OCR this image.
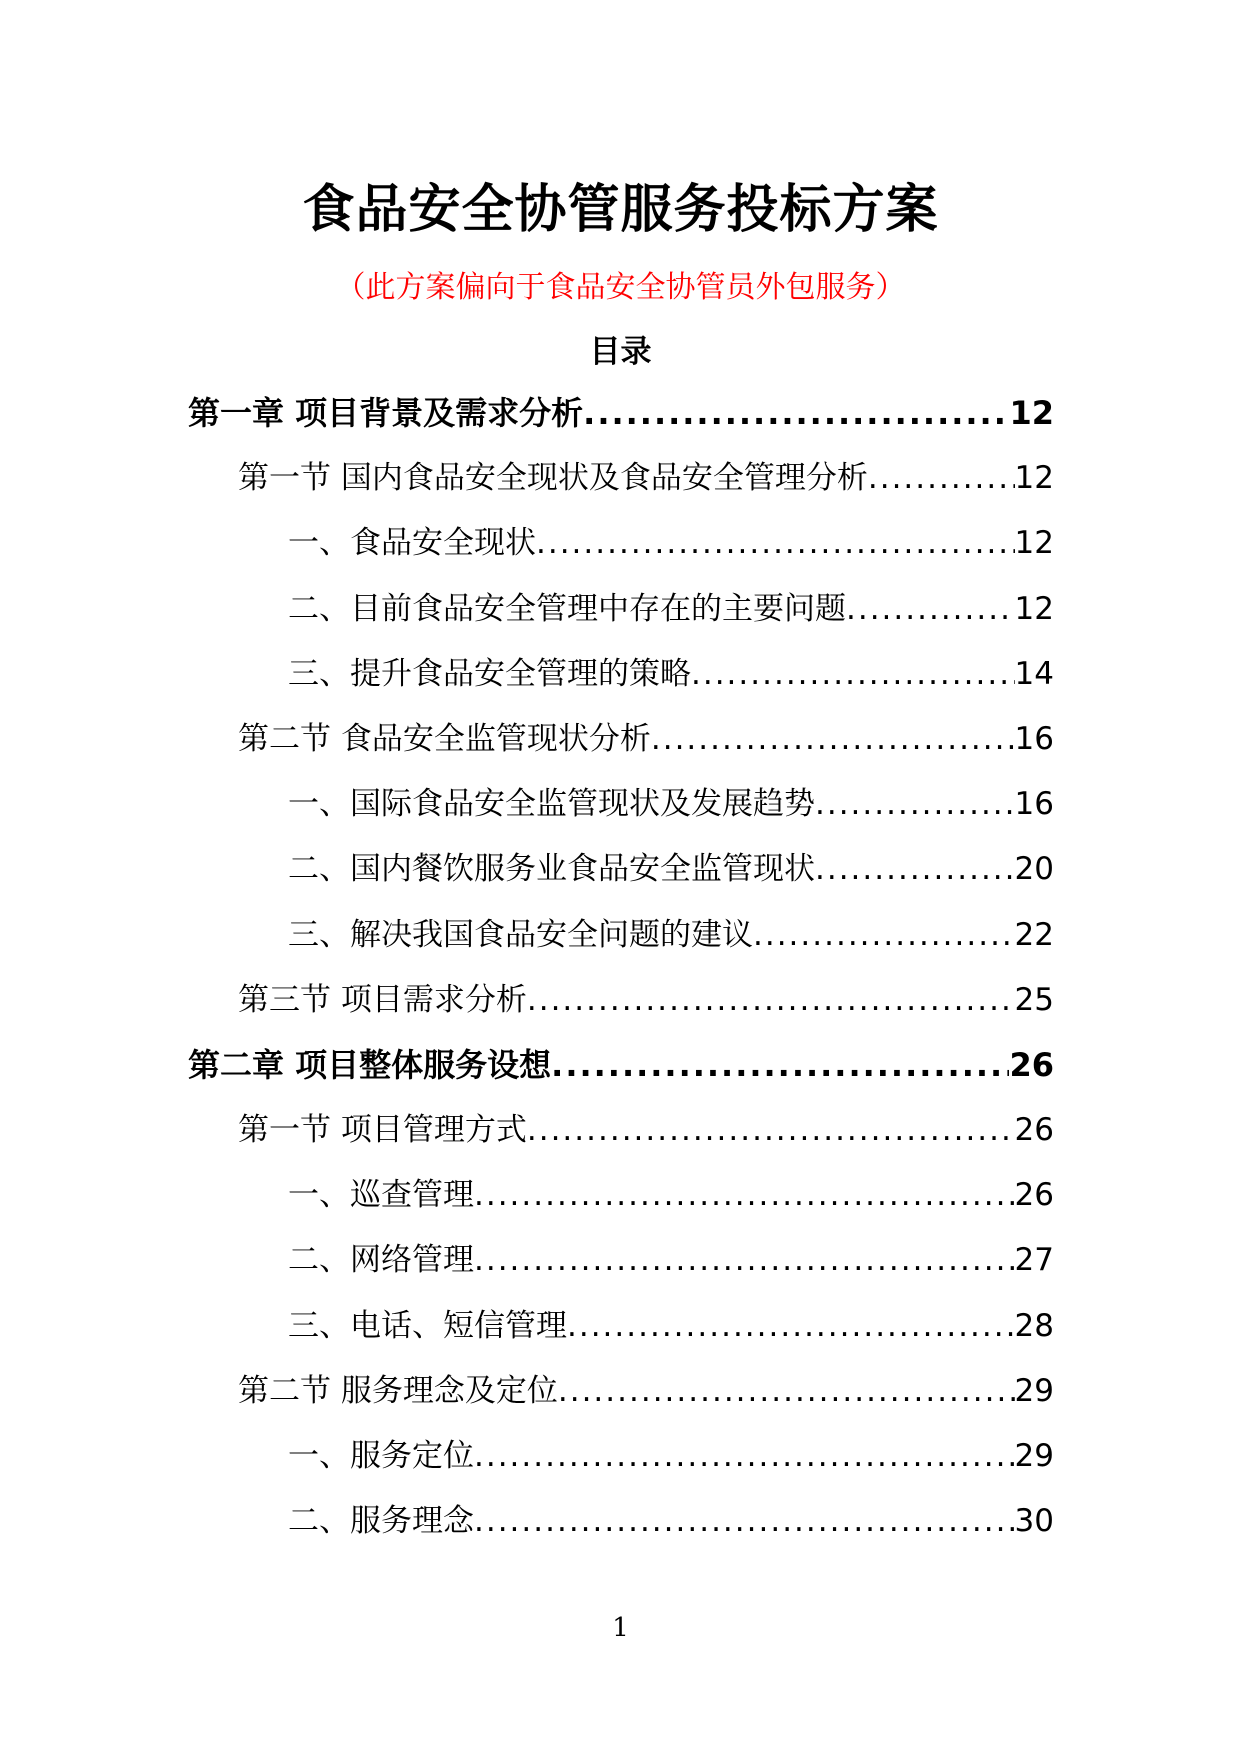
食品安全协管服务投标方案

（此方案偏向于食品安全协管员外包服务）

目录
第一章 项目背景及需求分析 .....	12
第一节 国内食品安全现状及食品安全管理分析 .....	12
一、食品安全现状 .....	12
二、目前食品安全管理中存在的主要问题 .....	12
三、提升食品安全管理的策略 .....	14
第二节 食品安全监管现状分析 .....	16
一、国际食品安全监管现状及发展趋势 .....	16
二、国内餐饮服务业食品安全监管现状 .....	20
三、解决我国食品安全问题的建议 .....	22
第三节 项目需求分析 .....	25
第二章 项目整体服务设想 .....	26
第一节 项目管理方式 .....	26
一、巡查管理 .....	26
二、网络管理 .....	27
三、电话、短信管理 .....	28
第二节 服务理念及定位 .....	29
一、服务定位 .....	29
二、服务理念 .....	30

1
